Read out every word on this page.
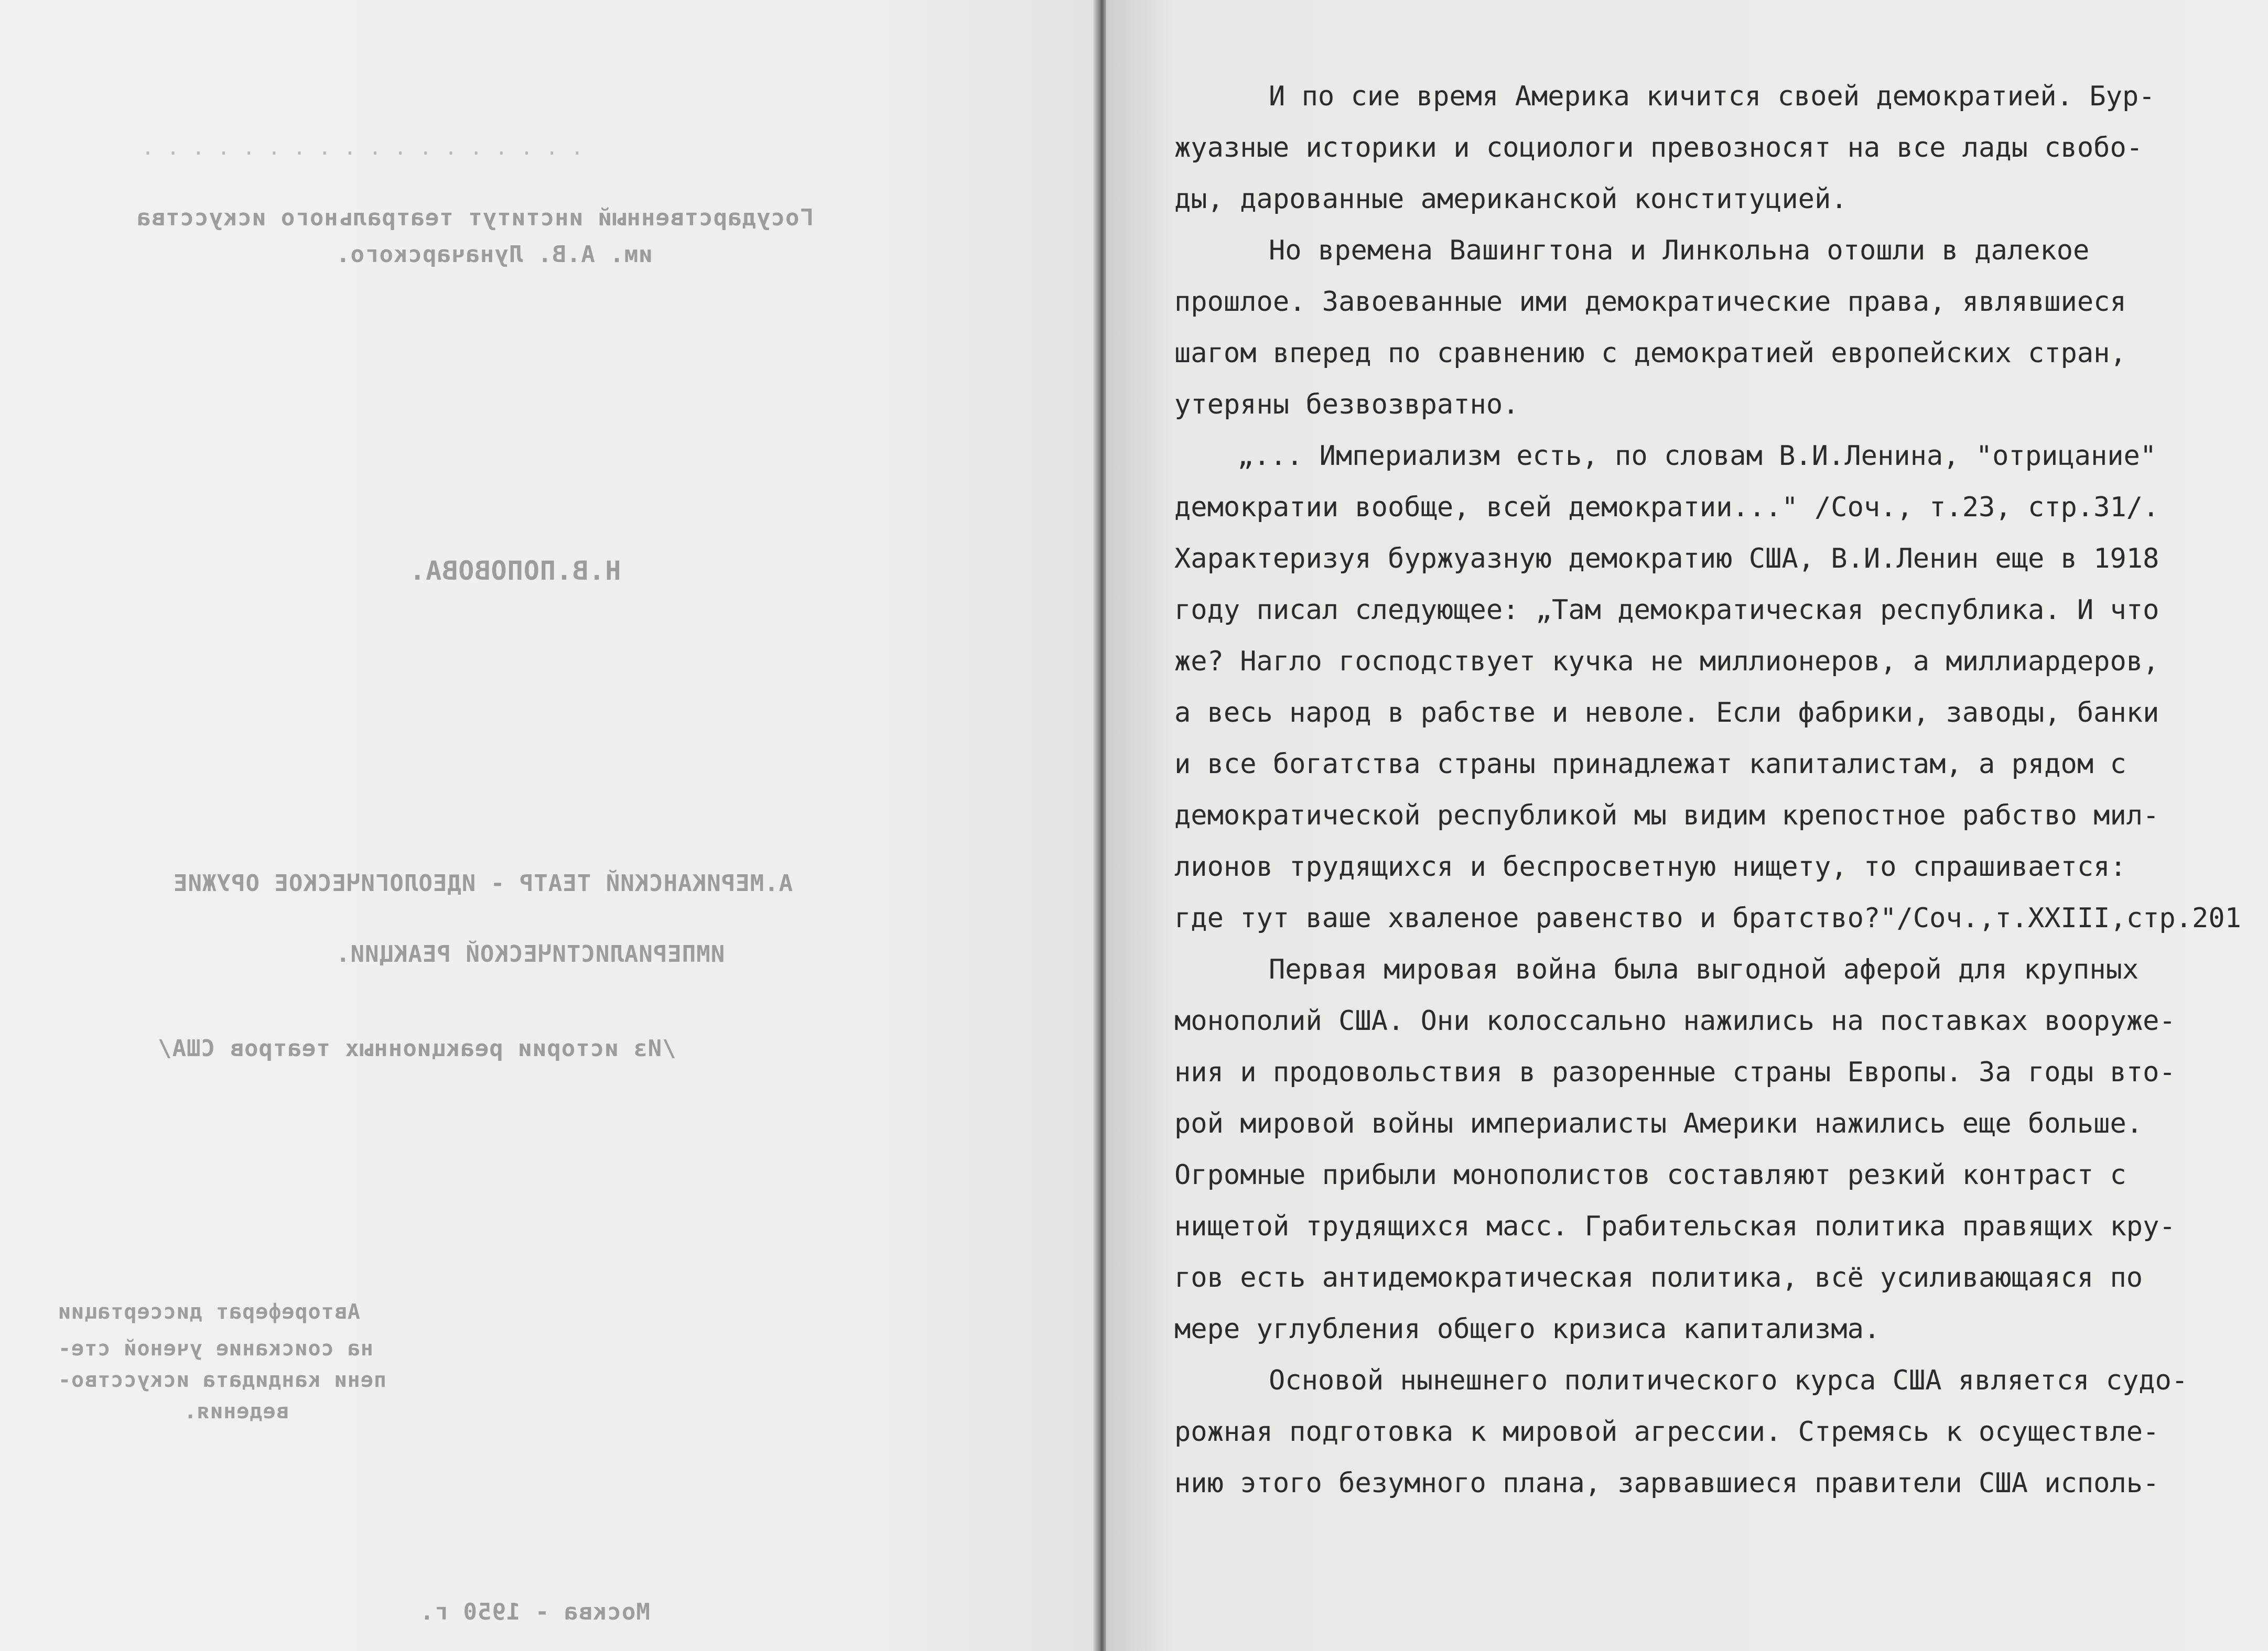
· · · · · · · · · · · · · · · · · ·
Государственный институт театрального искусства
им. А.В. Луначарского.
Н.В.ПОПОВОВА.
А.МЕРИКАНСКИЙ ТЕАТР - ИДЕОЛОГИЧЕСКОЕ ОРУЖИЕ
ИМПЕРИАЛИСТИЧЕСКОЙ РЕАКЦИИ.
/Из истории реакционных театров США/
Автореферат диссертации
на соискание ученой сте-
пени кандидата искусство-
ведения.
Москва - 1950 г.

И по сие время Америка кичится своей демократией. Бур-

жуазные историки и социологи превозносят на все лады свобо-

ды, дарованные американской конституцией.

Но времена Вашингтона и Линкольна отошли в далекое

прошлое. Завоеванные ими демократические права, являвшиеся

шагом вперед по сравнению с демократией европейских стран,

утеряны безвозвратно.

„... Империализм есть, по словам В.И.Ленина, "отрицание"

демократии вообще, всей демократии..." /Соч., т.23, стр.31/.

Характеризуя буржуазную демократию США, В.И.Ленин еще в 1918

году писал следующее: „Там демократическая республика. И что

же? Нагло господствует кучка не миллионеров, а миллиардеров,

а весь народ в рабстве и неволе. Если фабрики, заводы, банки

и все богатства страны принадлежат капиталистам, а рядом с

демократической республикой мы видим крепостное рабство мил-

лионов трудящихся и беспросветную нищету, то спрашивается:

где тут ваше хваленое равенство и братство?"/Соч.,т.XXIII,стр.201

Первая мировая война была выгодной аферой для крупных

монополий США. Они колоссально нажились на поставках вооруже-

ния и продовольствия в разоренные страны Европы. За годы вто-

рой мировой войны империалисты Америки нажились еще больше.

Огромные прибыли монополистов составляют резкий контраст с

нищетой трудящихся масс. Грабительская политика правящих кру-

гов есть антидемократическая политика, всё усиливающаяся по

мере углубления общего кризиса капитализма.

Основой нынешнего политического курса США является судо-

рожная подготовка к мировой агрессии. Стремясь к осуществле-

нию этого безумного плана, зарвавшиеся правители США исполь-
